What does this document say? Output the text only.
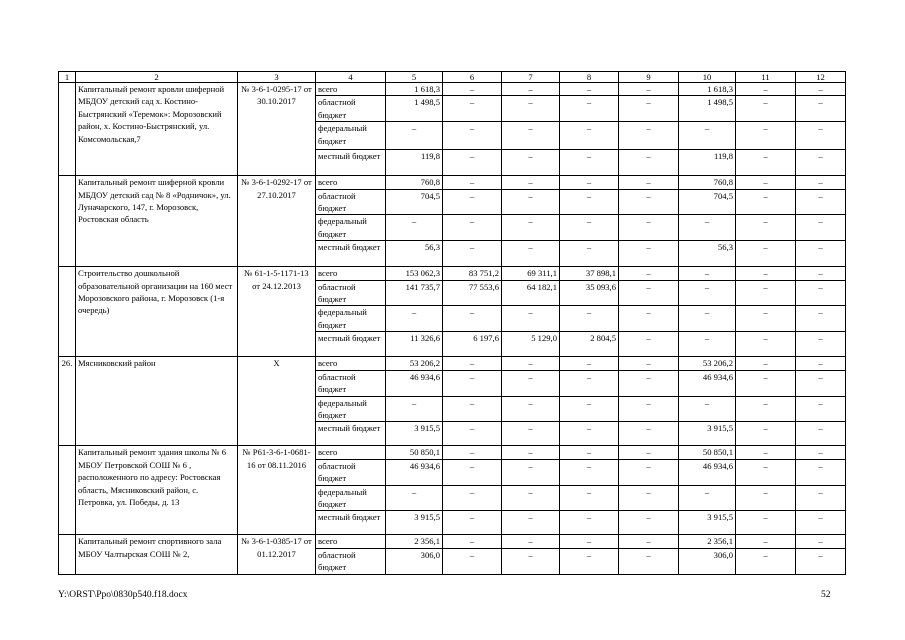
1	2	3	4	5	6	7	8	9	10	11	12
	Капитальный ремонт кровли шиферной МБДОУ детский сад х. Костино-Быстрянский «Теремок»: Морозовский район, х. Костино-Быстрянский, ул. Комсомольская,7	№ 3-6-1-0295-17 от 30.10.2017	всего	1 618,3	–	–	–	–	1 618,3	–	–
			областной бюджет	1 498,5	–	–	–	–	1 498,5	–	–
			федеральный бюджет	–	–	–	–	–	–	–	–
			местный бюджет	119,8	–	–	–	–	119,8	–	–
	Капитальный ремонт шиферной кровли МБДОУ детский сад № 8 «Родничок», ул. Луначарского, 147, г. Морозовск, Ростовская область	№ 3-6-1-0292-17 от 27.10.2017	всего	760,8	–	–	–	–	760,8	–	–
			областной бюджет	704,5	–	–	–	–	704,5	–	–
			федеральный бюджет	–	–	–	–	–	–	–	–
			местный бюджет	56,3	–	–	–	–	56,3	–	–
	Строительство дошкольной образовательной организации на 160 мест Морозовского района, г. Морозовск (1-я очередь)	№ 61-1-5-1171-13 от 24.12.2013	всего	153 062,3	83 751,2	69 311,1	37 898,1	–	–	–	–
			областной бюджет	141 735,7	77 553,6	64 182,1	35 093,6	–	–	–	–
			федеральный бюджет	–	–	–	–	–	–	–	–
			местный бюджет	11 326,6	6 197,6	5 129,0	2 804,5	–	–	–	–
26.	Мясниковский район	Х	всего	53 206,2	–	–	–	–	53 206,2	–	–
			областной бюджет	46 934,6	–	–	–	–	46 934,6	–	–
			федеральный бюджет	–	–	–	–	–	–	–	–
			местный бюджет	3 915,5	–	–	–	–	3 915,5	–	–
	Капитальный ремонт здания школы № 6 МБОУ Петровской СОШ № 6 , расположенного по адресу: Ростовская область, Мясниковский район, с. Петровка, ул. Победы, д. 13	№ Р61-3-6-1-0681-16 от 08.11.2016	всего	50 850,1	–	–	–	–	50 850,1	–	–
			областной бюджет	46 934,6	–	–	–	–	46 934,6	–	–
			федеральный бюджет	–	–	–	–	–	–	–	–
			местный бюджет	3 915,5	–	–	–	–	3 915,5	–	–
	Капитальный ремонт спортивного зала МБОУ Чалтырская СОШ № 2,	№ 3-6-1-0385-17 от 01.12.2017	всего	2 356,1	–	–	–	–	2 356,1	–	–
			областной бюджет	306,0	–	–	–	–	306,0	–	–
Y:\ORST\Ppo\0830p540.f18.docx	52
